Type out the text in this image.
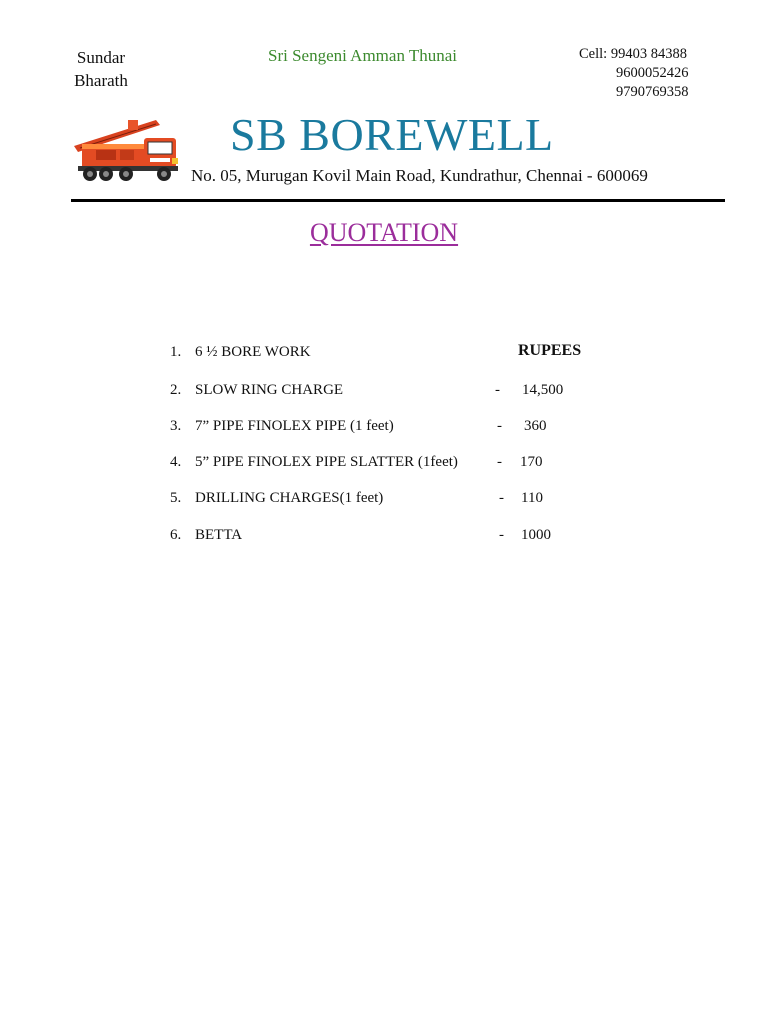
Sundar Bharath
Sri Sengeni Amman Thunai	Cell: 99403 84388
9600052426
9790769358
SB BOREWELL
No. 05, Murugan Kovil Main Road, Kundrathur, Chennai - 600069
QUOTATION
RUPEES
1. 6 ½ BORE WORK
2. SLOW RING CHARGE	- 14,500
3. 7” PIPE FINOLEX PIPE (1 feet)	- 360
4. 5” PIPE FINOLEX PIPE SLATTER (1feet)	- 170
5. DRILLING CHARGES(1 feet)	- 110
6. BETTA	- 1000
